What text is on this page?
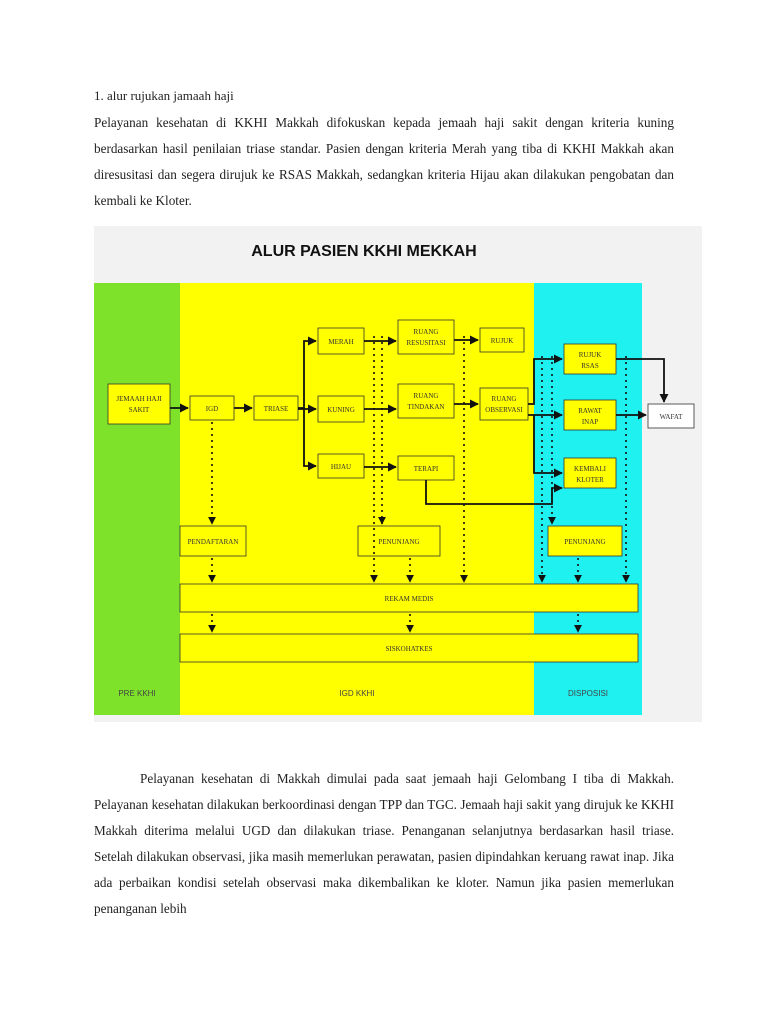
1. alur rujukan jamaah haji

Pelayanan kesehatan di KKHI Makkah difokuskan kepada jemaah haji sakit dengan kriteria kuning berdasarkan hasil penilaian triase standar. Pasien dengan kriteria Merah yang tiba di KKHI Makkah akan diresusitasi dan segera dirujuk ke RSAS Makkah, sedangkan kriteria Hijau akan dilakukan pengobatan dan kembali ke Kloter.

ALUR PASIEN KKHI MEKKAH
JEMAAH HAJI
SAKIT	IGD	TRIASE
MERAH
KUNING
HIJAU
RUANG
RESUSITASI
RUANG
TINDAKAN
TERAPI
RUJUK
RUANG
OBSERVASI
RUJUK
RSAS
RAWAT
INAP
KEMBALI
KLOTER
WAFAT
PENDAFTARAN	PENUNJANG	PENUNJANG
REKAM MEDIS
SISKOHATKES
PRE KKHI	IGD KKHI	DISPOSISI

Pelayanan kesehatan di Makkah dimulai pada saat jemaah haji Gelombang I tiba di Makkah. Pelayanan kesehatan dilakukan berkoordinasi dengan TPP dan TGC. Jemaah haji sakit yang dirujuk ke KKHI Makkah diterima melalui UGD dan dilakukan triase. Penanganan selanjutnya berdasarkan hasil triase. Setelah dilakukan observasi, jika masih memerlukan perawatan, pasien dipindahkan keruang rawat inap. Jika ada perbaikan kondisi setelah observasi maka dikembalikan ke kloter. Namun jika pasien memerlukan penanganan lebih
